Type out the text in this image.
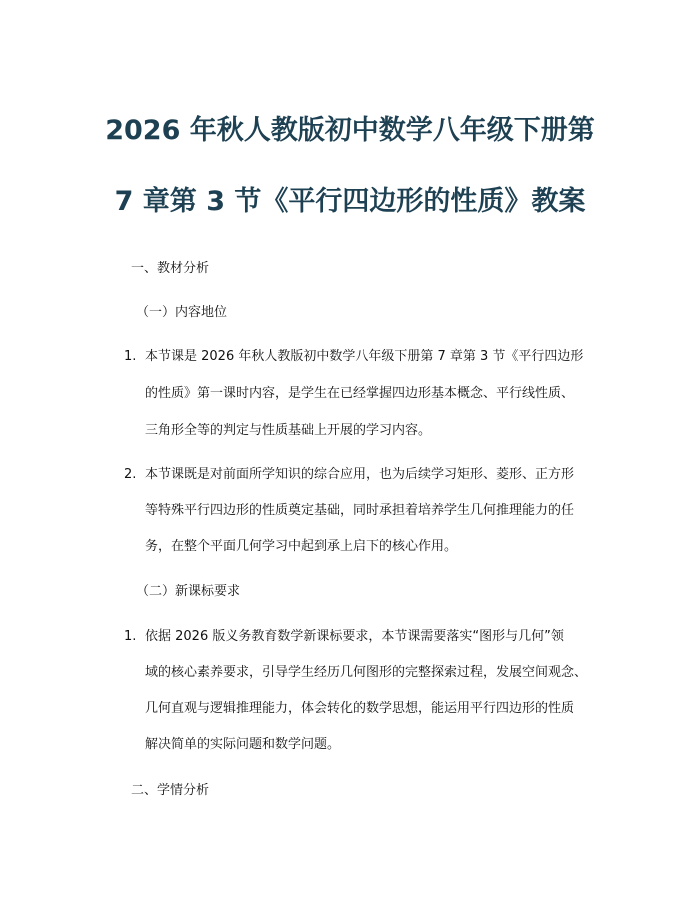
2026 年秋人教版初中数学八年级下册第
7 章第 3 节《平行四边形的性质》教案
一、教材分析
（一）内容地位
1. 本节课是 2026 年秋人教版初中数学八年级下册第 7 章第 3 节《平行四边形
的性质》第一课时内容，是学生在已经掌握四边形基本概念、平行线性质、
三角形全等的判定与性质基础上开展的学习内容。
2. 本节课既是对前面所学知识的综合应用，也为后续学习矩形、菱形、正方形
等特殊平行四边形的性质奠定基础，同时承担着培养学生几何推理能力的任
务，在整个平面几何学习中起到承上启下的核心作用。
（二）新课标要求
1. 依据 2026 版义务教育数学新课标要求，本节课需要落实“图形与几何”领
域的核心素养要求，引导学生经历几何图形的完整探索过程，发展空间观念、
几何直观与逻辑推理能力，体会转化的数学思想，能运用平行四边形的性质
解决简单的实际问题和数学问题。
二、学情分析
